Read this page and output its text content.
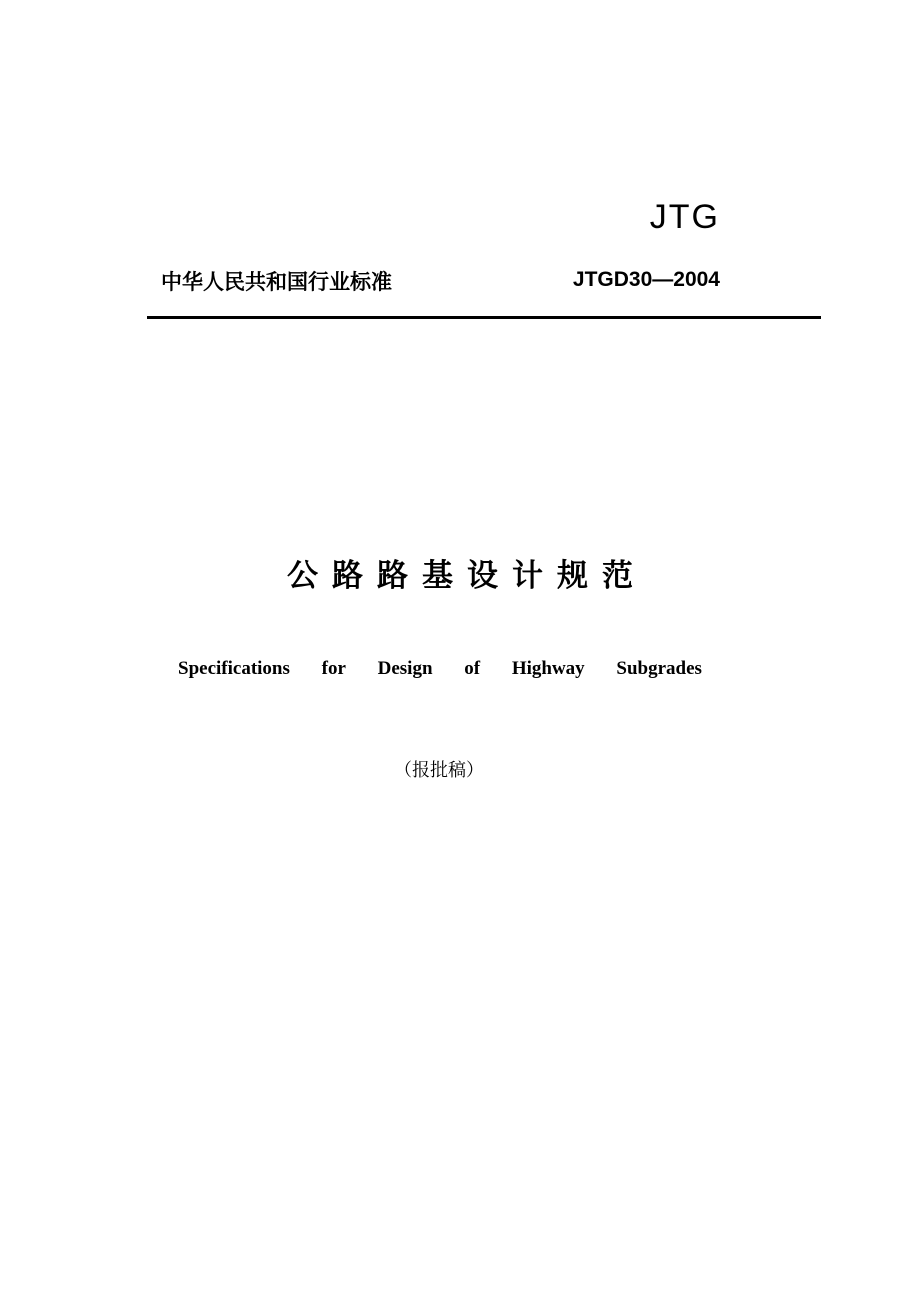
JTG
中华人民共和国行业标准	JTGD30—2004
公 路 路 基 设 计 规 范
Specifications for Design of Highway Subgrades
（报批稿）
